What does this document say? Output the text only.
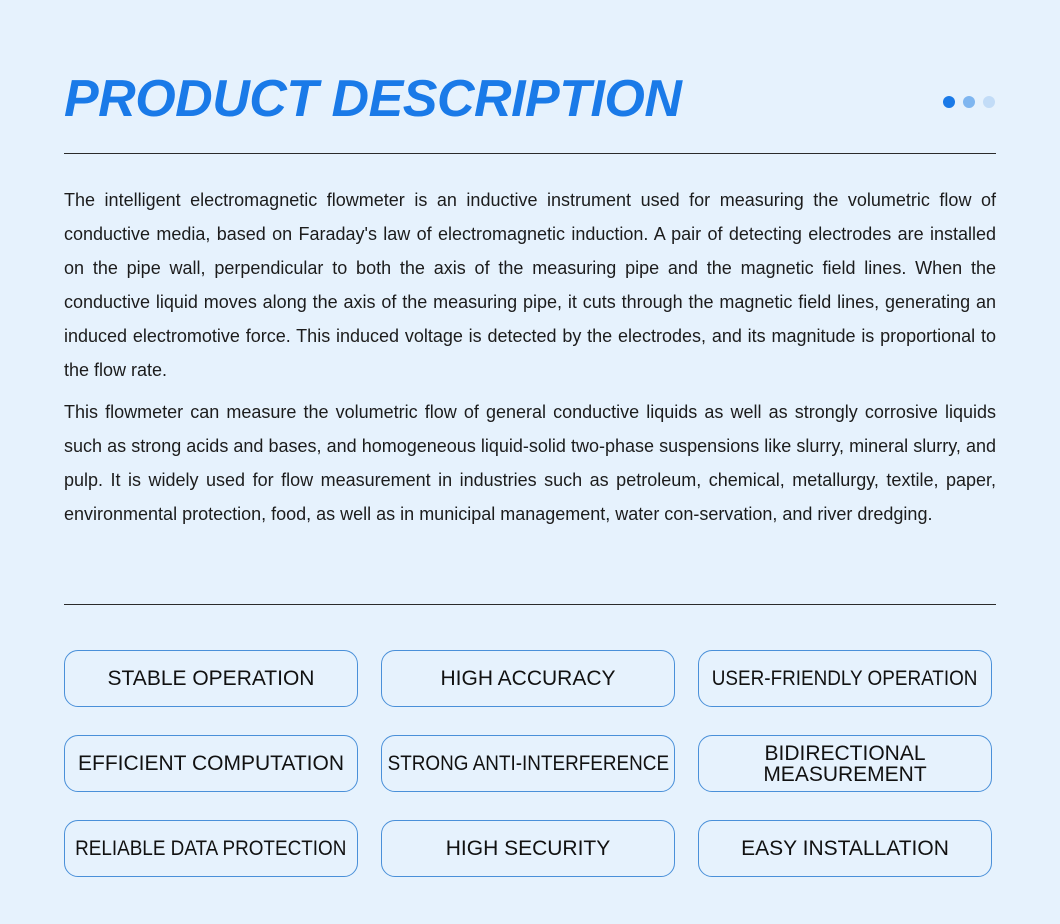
PRODUCT DESCRIPTION

The intelligent electromagnetic flowmeter is an inductive instrument used for measuring the volumetric flow of conductive media, based on Faraday's law of electromagnetic induction. A pair of detecting electrodes are installed on the pipe wall, perpendicular to both the axis of the measuring pipe and the magnetic field lines. When the conductive liquid moves along the axis of the measuring pipe, it cuts through the magnetic field lines, generating an induced electromotive force. This induced voltage is detected by the electrodes, and its magnitude is proportional to the flow rate.

This flowmeter can measure the volumetric flow of general conductive liquids as well as strongly corrosive liquids such as strong acids and bases, and homogeneous liquid-solid two-phase suspensions like slurry, mineral slurry, and pulp. It is widely used for flow measurement in industries such as petroleum, chemical, metallurgy, textile, paper, environmental protection, food, as well as in municipal management, water con-servation, and river dredging.

STABLE OPERATION	HIGH ACCURACY	USER-FRIENDLY OPERATION
EFFICIENT COMPUTATION STRONG ANTI-INTERFERENCE	BIDIRECTIONAL MEASUREMENT
RELIABLE DATA PROTECTION	HIGH SECURITY	EASY INSTALLATION
